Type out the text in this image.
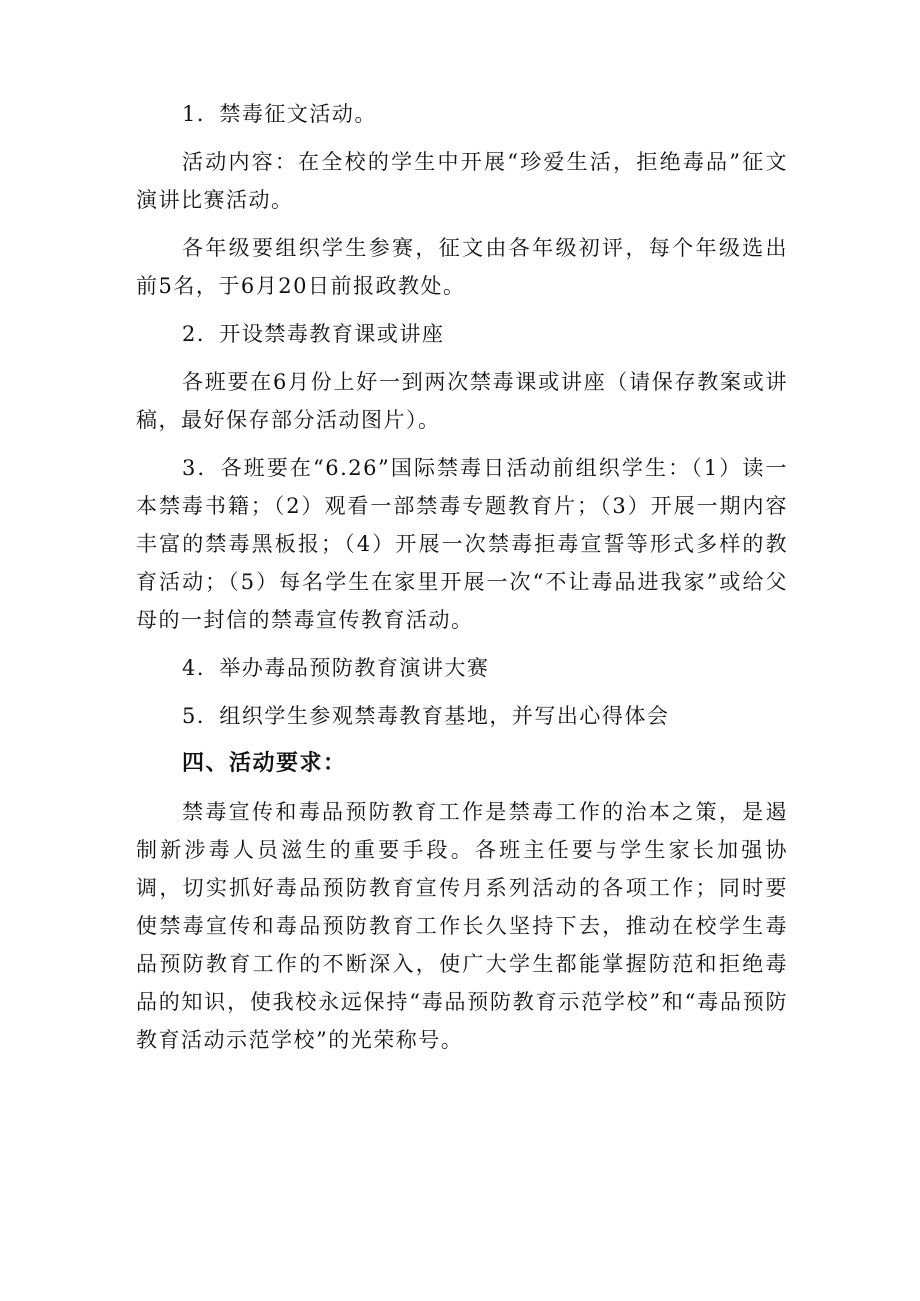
1．禁毒征文活动。

活动内容：在全校的学生中开展“珍爱生活，拒绝毒品”征文演讲比赛活动。

各年级要组织学生参赛，征文由各年级初评，每个年级选出前5名，于6月20日前报政教处。

2．开设禁毒教育课或讲座

各班要在6月份上好一到两次禁毒课或讲座（请保存教案或讲稿，最好保存部分活动图片）。

3．各班要在“6.26”国际禁毒日活动前组织学生：（1）读一本禁毒书籍；（2）观看一部禁毒专题教育片；（3）开展一期内容丰富的禁毒黑板报；（4）开展一次禁毒拒毒宣誓等形式多样的教育活动；（5）每名学生在家里开展一次“不让毒品进我家”或给父母的一封信的禁毒宣传教育活动。

4．举办毒品预防教育演讲大赛

5．组织学生参观禁毒教育基地，并写出心得体会

四、活动要求：

禁毒宣传和毒品预防教育工作是禁毒工作的治本之策，是遏制新涉毒人员滋生的重要手段。各班主任要与学生家长加强协调，切实抓好毒品预防教育宣传月系列活动的各项工作；同时要使禁毒宣传和毒品预防教育工作长久坚持下去，推动在校学生毒品预防教育工作的不断深入，使广大学生都能掌握防范和拒绝毒品的知识，使我校永远保持“毒品预防教育示范学校”和“毒品预防教育活动示范学校”的光荣称号。
